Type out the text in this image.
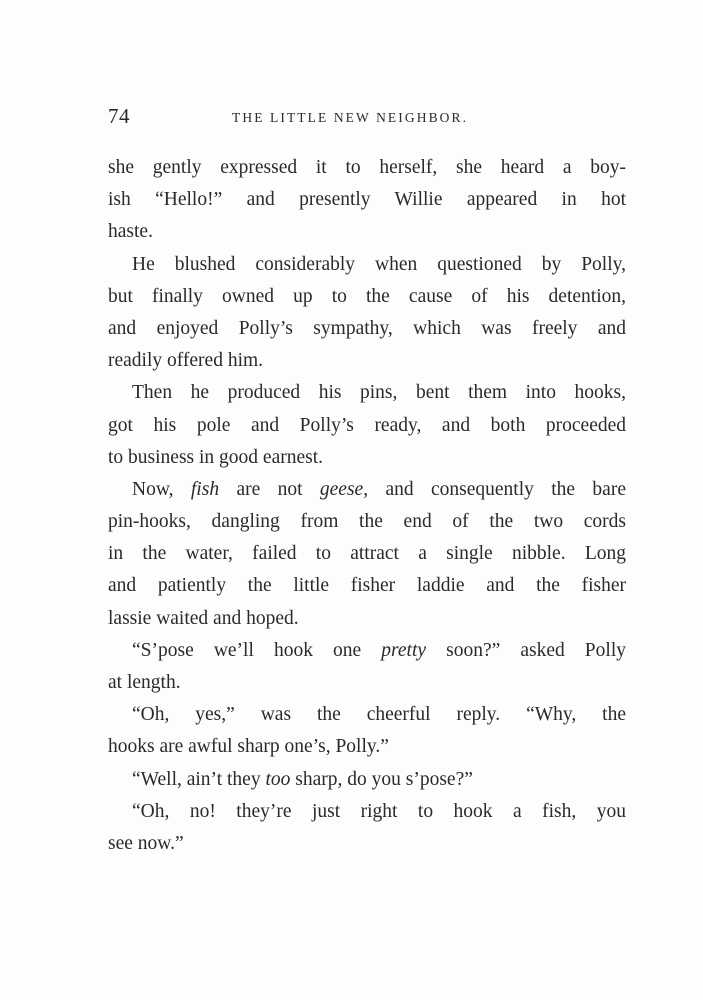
74	THE LITTLE NEW NEIGHBOR.
she gently expressed it to herself, she heard a boy-
ish “Hello!” and presently Willie appeared in hot
haste.
He blushed considerably when questioned by Polly,
but finally owned up to the cause of his detention,
and enjoyed Polly’s sympathy, which was freely and
readily offered him.
Then he produced his pins, bent them into hooks,
got his pole and Polly’s ready, and both proceeded
to business in good earnest.
Now, fish are not geese, and consequently the bare
pin-hooks, dangling from the end of the two cords
in the water, failed to attract a single nibble. Long
and patiently the little fisher laddie and the fisher
lassie waited and hoped.
“S’pose we’ll hook one pretty soon?” asked Polly
at length.
“Oh, yes,” was the cheerful reply. “Why, the
hooks are awful sharp one’s, Polly.”
“Well, ain’t they too sharp, do you s’pose?”
“Oh, no! they’re just right to hook a fish, you
see now.”
